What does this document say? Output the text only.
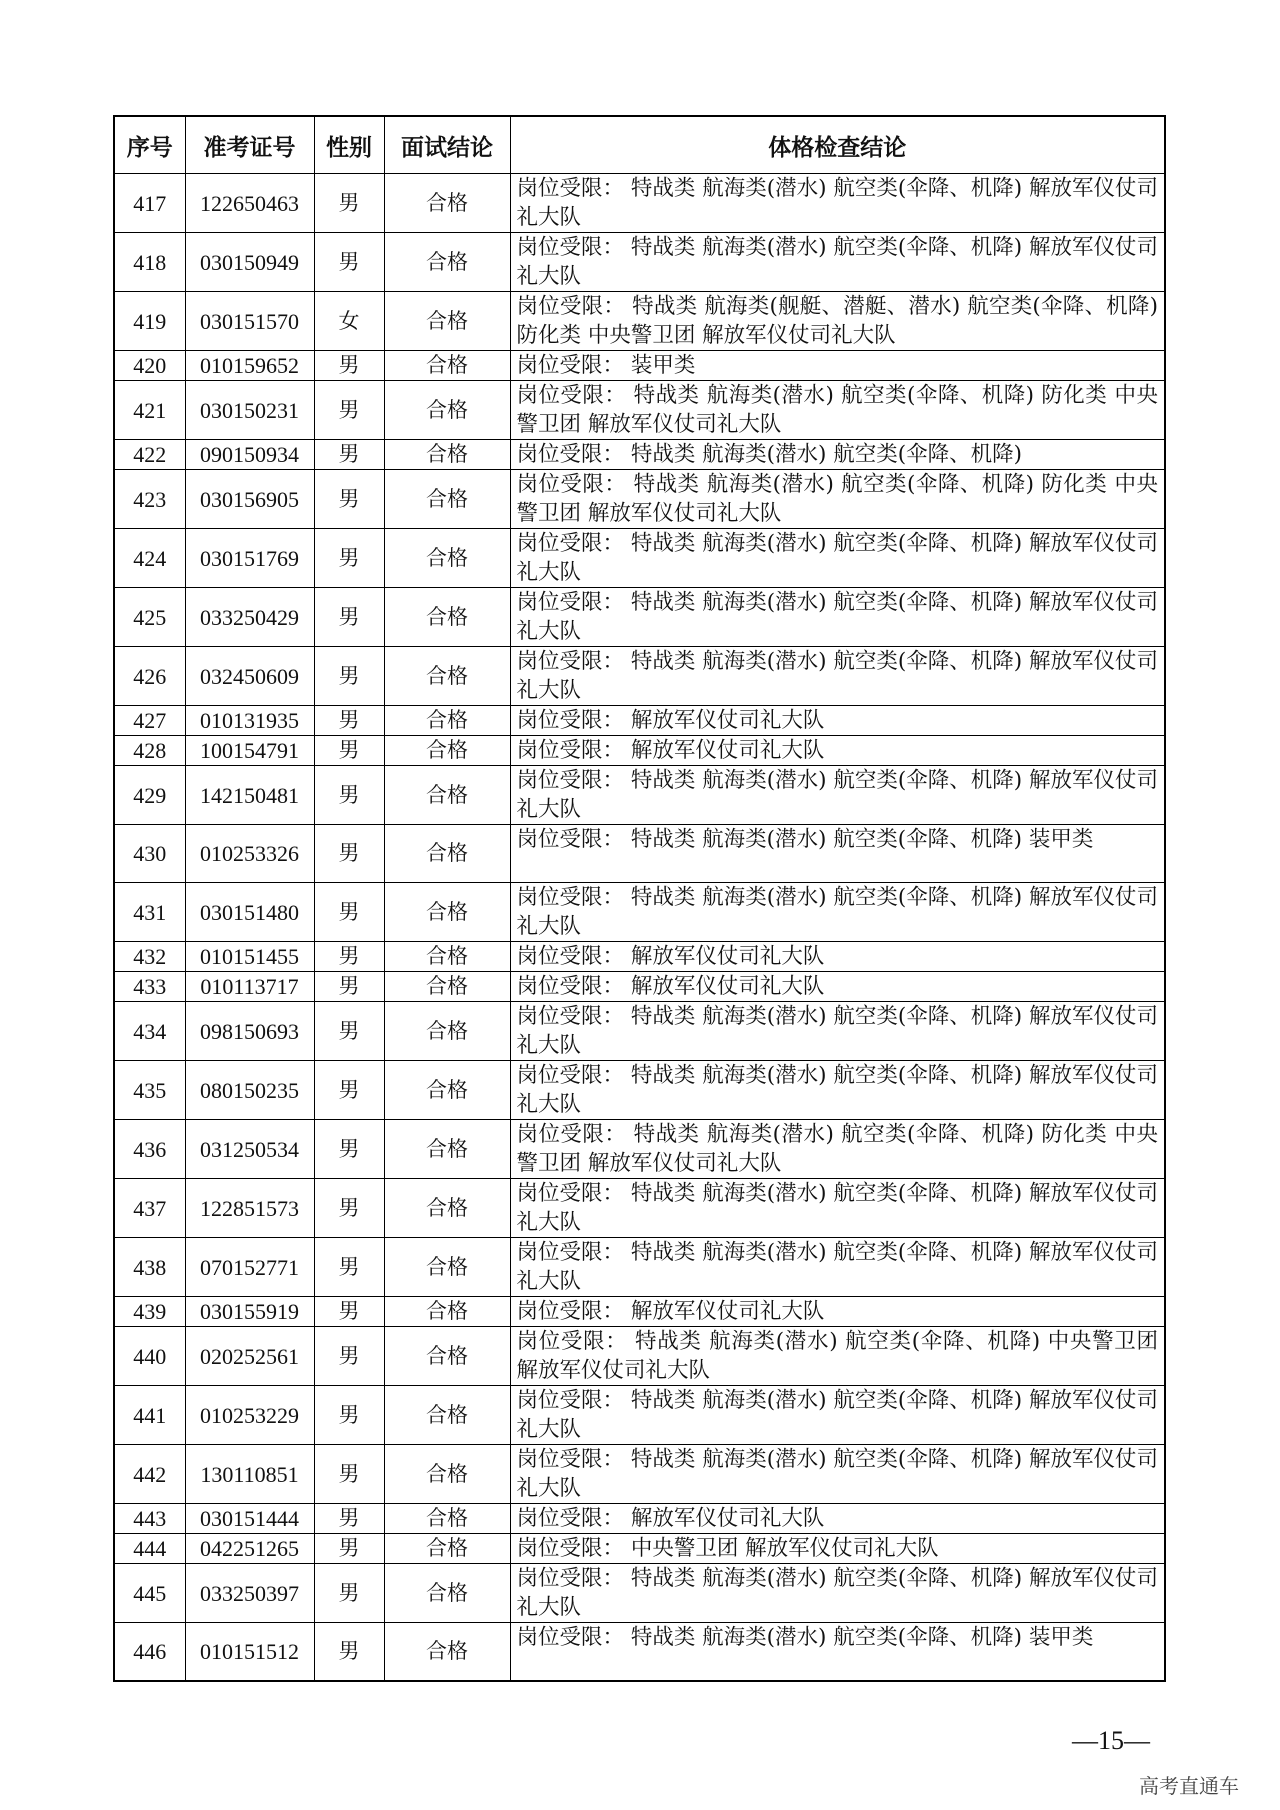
序号	准考证号	性别	面试结论	体格检查结论
417	122650463	男	合格	岗位受限： 特战类 航海类(潜水) 航空类(伞降、机降) 解放军仪仗司礼大队
418	030150949	男	合格	岗位受限： 特战类 航海类(潜水) 航空类(伞降、机降) 解放军仪仗司礼大队
419	030151570	女	合格	岗位受限： 特战类 航海类(舰艇、潜艇、潜水) 航空类(伞降、机降) 防化类 中央警卫团 解放军仪仗司礼大队
420	010159652	男	合格	岗位受限： 装甲类
421	030150231	男	合格	岗位受限： 特战类 航海类(潜水) 航空类(伞降、机降) 防化类 中央警卫团 解放军仪仗司礼大队
422	090150934	男	合格	岗位受限： 特战类 航海类(潜水) 航空类(伞降、机降)
423	030156905	男	合格	岗位受限： 特战类 航海类(潜水) 航空类(伞降、机降) 防化类 中央警卫团 解放军仪仗司礼大队
424	030151769	男	合格	岗位受限： 特战类 航海类(潜水) 航空类(伞降、机降) 解放军仪仗司礼大队
425	033250429	男	合格	岗位受限： 特战类 航海类(潜水) 航空类(伞降、机降) 解放军仪仗司礼大队
426	032450609	男	合格	岗位受限： 特战类 航海类(潜水) 航空类(伞降、机降) 解放军仪仗司礼大队
427	010131935	男	合格	岗位受限： 解放军仪仗司礼大队
428	100154791	男	合格	岗位受限： 解放军仪仗司礼大队
429	142150481	男	合格	岗位受限： 特战类 航海类(潜水) 航空类(伞降、机降) 解放军仪仗司礼大队
430	010253326	男	合格	岗位受限： 特战类 航海类(潜水) 航空类(伞降、机降) 装甲类
431	030151480	男	合格	岗位受限： 特战类 航海类(潜水) 航空类(伞降、机降) 解放军仪仗司礼大队
432	010151455	男	合格	岗位受限： 解放军仪仗司礼大队
433	010113717	男	合格	岗位受限： 解放军仪仗司礼大队
434	098150693	男	合格	岗位受限： 特战类 航海类(潜水) 航空类(伞降、机降) 解放军仪仗司礼大队
435	080150235	男	合格	岗位受限： 特战类 航海类(潜水) 航空类(伞降、机降) 解放军仪仗司礼大队
436	031250534	男	合格	岗位受限： 特战类 航海类(潜水) 航空类(伞降、机降) 防化类 中央警卫团 解放军仪仗司礼大队
437	122851573	男	合格	岗位受限： 特战类 航海类(潜水) 航空类(伞降、机降) 解放军仪仗司礼大队
438	070152771	男	合格	岗位受限： 特战类 航海类(潜水) 航空类(伞降、机降) 解放军仪仗司礼大队
439	030155919	男	合格	岗位受限： 解放军仪仗司礼大队
440	020252561	男	合格	岗位受限： 特战类 航海类(潜水) 航空类(伞降、机降) 中央警卫团 解放军仪仗司礼大队
441	010253229	男	合格	岗位受限： 特战类 航海类(潜水) 航空类(伞降、机降) 解放军仪仗司礼大队
442	130110851	男	合格	岗位受限： 特战类 航海类(潜水) 航空类(伞降、机降) 解放军仪仗司礼大队
443	030151444	男	合格	岗位受限： 解放军仪仗司礼大队
444	042251265	男	合格	岗位受限： 中央警卫团 解放军仪仗司礼大队
445	033250397	男	合格	岗位受限： 特战类 航海类(潜水) 航空类(伞降、机降) 解放军仪仗司礼大队
446	010151512	男	合格	岗位受限： 特战类 航海类(潜水) 航空类(伞降、机降) 装甲类
—15—
高考直通车
